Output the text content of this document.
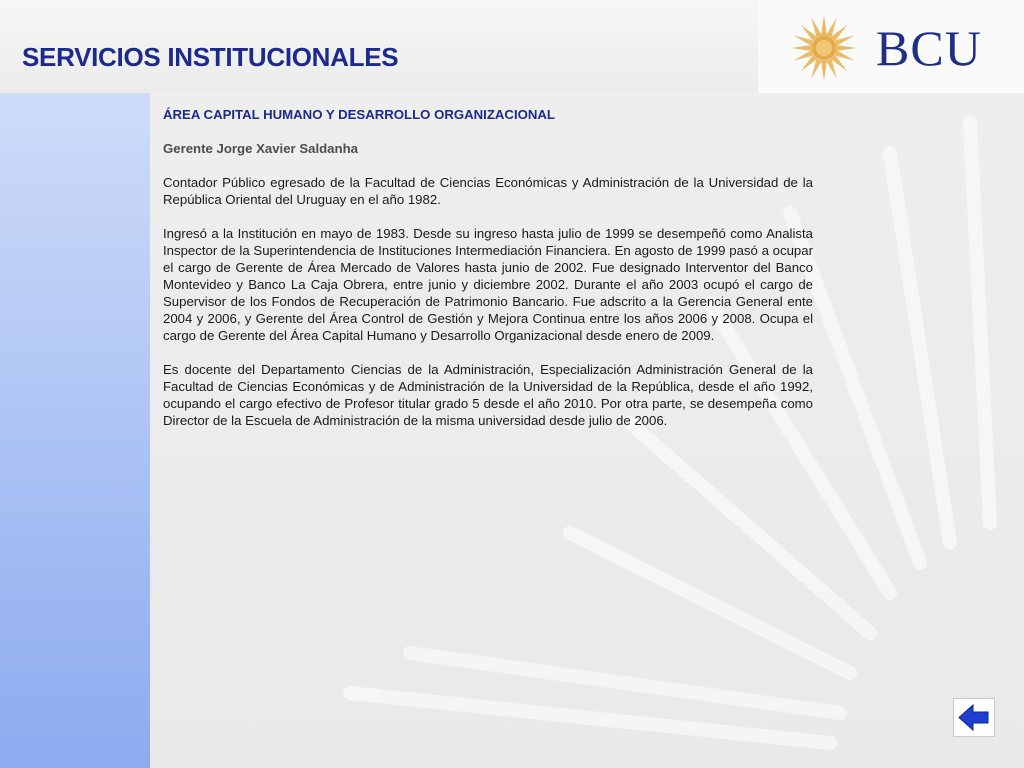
SERVICIOS INSTITUCIONALES	BCU

ÁREA CAPITAL HUMANO Y DESARROLLO ORGANIZACIONAL

Gerente Jorge Xavier Saldanha

Contador Público egresado de la Facultad de Ciencias Económicas y Administración de la Universidad de la República Oriental del Uruguay en el año 1982.

Ingresó a la Institución en mayo de 1983. Desde su ingreso hasta julio de 1999 se desempeñó como Analista Inspector de la Superintendencia de Instituciones Intermediación Financiera. En agosto de 1999 pasó a ocupar el cargo de Gerente de Área Mercado de Valores hasta junio de 2002. Fue designado Interventor del Banco Montevideo y Banco La Caja Obrera, entre junio y diciembre 2002. Durante el año 2003 ocupó el cargo de Supervisor de los Fondos de Recuperación de Patrimonio Bancario. Fue adscrito a la Gerencia General ente 2004 y 2006, y Gerente del Área Control de Gestión y Mejora Continua entre los años 2006 y 2008. Ocupa el cargo de Gerente del Área Capital Humano y Desarrollo Organizacional desde enero de 2009.

Es docente del Departamento Ciencias de la Administración, Especialización Administración General de la Facultad de Ciencias Económicas y de Administración de la Universidad de la República, desde el año 1992, ocupando el cargo efectivo de Profesor titular grado 5 desde el año 2010. Por otra parte, se desempeña como Director de la Escuela de Administración de la misma universidad desde julio de 2006.
